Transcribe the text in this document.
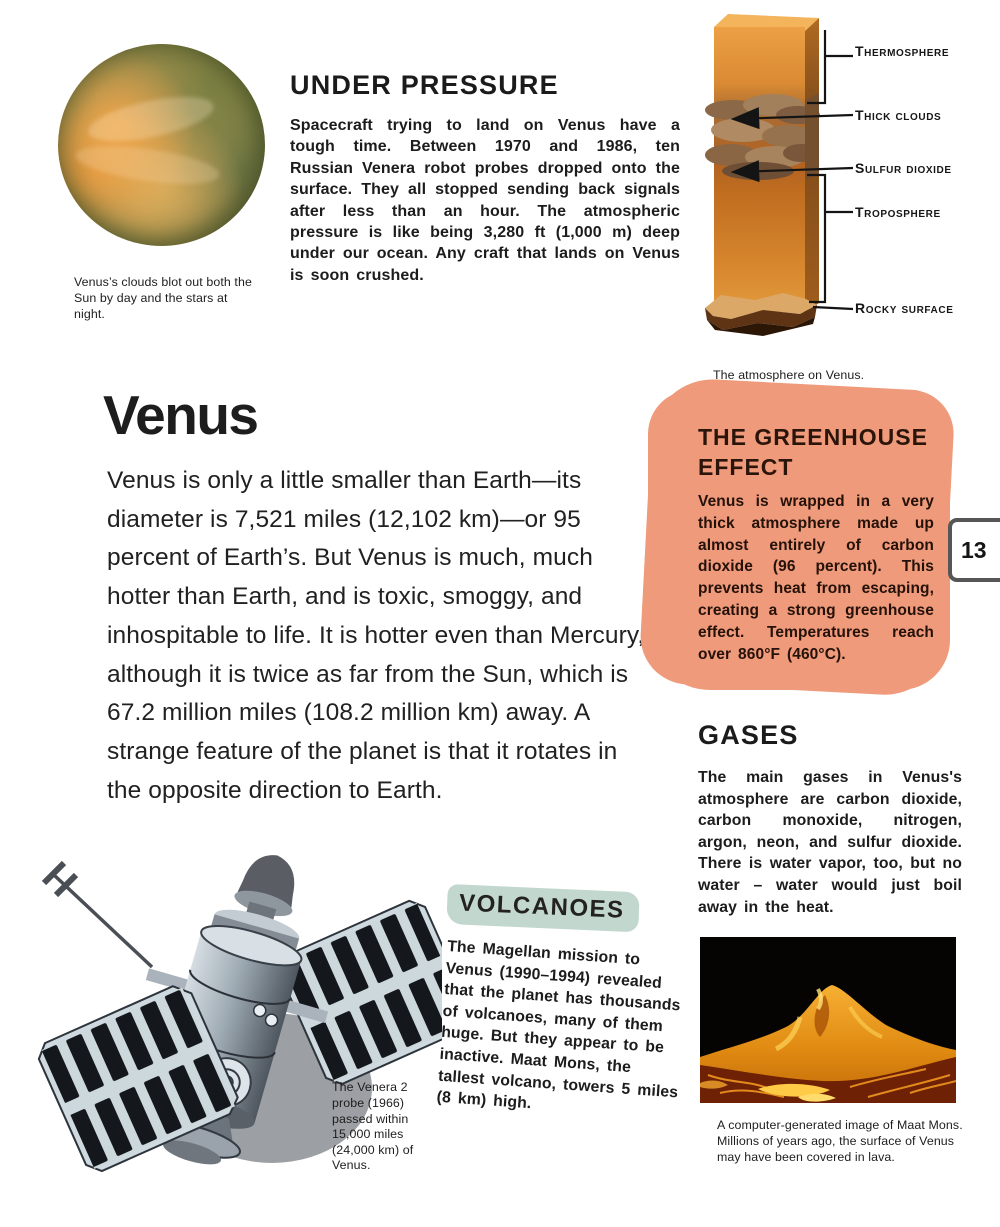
Venus’s clouds blot out both the Sun by day and the stars at night.

UNDER PRESSURE

Spacecraft trying to land on Venus have a tough time. Between 1970 and 1986, ten Russian Venera robot probes dropped onto the surface. They all stopped sending back signals after less than an hour. The atmospheric pressure is like being 3,280 ft (1,000 m) deep under our ocean. Any craft that lands on Venus is soon crushed.

Thermosphere
Thick clouds
Sulfur dioxide
Troposphere
Rocky surface

The atmosphere on Venus.

Venus

Venus is only a little smaller than Earth—its diameter is 7,521 miles (12,102 km)—or 95 percent of Earth’s. But Venus is much, much hotter than Earth, and is toxic, smoggy, and inhospitable to life. It is hotter even than Mercury, although it is twice as far from the Sun, which is 67.2 million miles (108.2 million km) away. A strange feature of the planet is that it rotates in the opposite direction to Earth.

THE GREENHOUSE EFFECT

Venus is wrapped in a very thick atmosphere made up almost entirely of carbon dioxide (96 percent). This prevents heat from escaping, creating a strong greenhouse effect. Temperatures reach over 860°F (460°C).

13
GASES

The main gases in Venus's atmosphere are carbon dioxide, carbon monoxide, nitrogen, argon, neon, and sulfur dioxide. There is water vapor, too, but no water – water would just boil away in the heat.

The Venera 2 probe (1966) passed within 15,000 miles (24,000 km) of Venus.

VOLCANOES

The Magellan mission to Venus (1990–1994) revealed that the planet has thousands of volcanoes, many of them huge. But they appear to be inactive. Maat Mons, the tallest volcano, towers 5 miles (8 km) high.

A computer-generated image of Maat Mons. Millions of years ago, the surface of Venus may have been covered in lava.
